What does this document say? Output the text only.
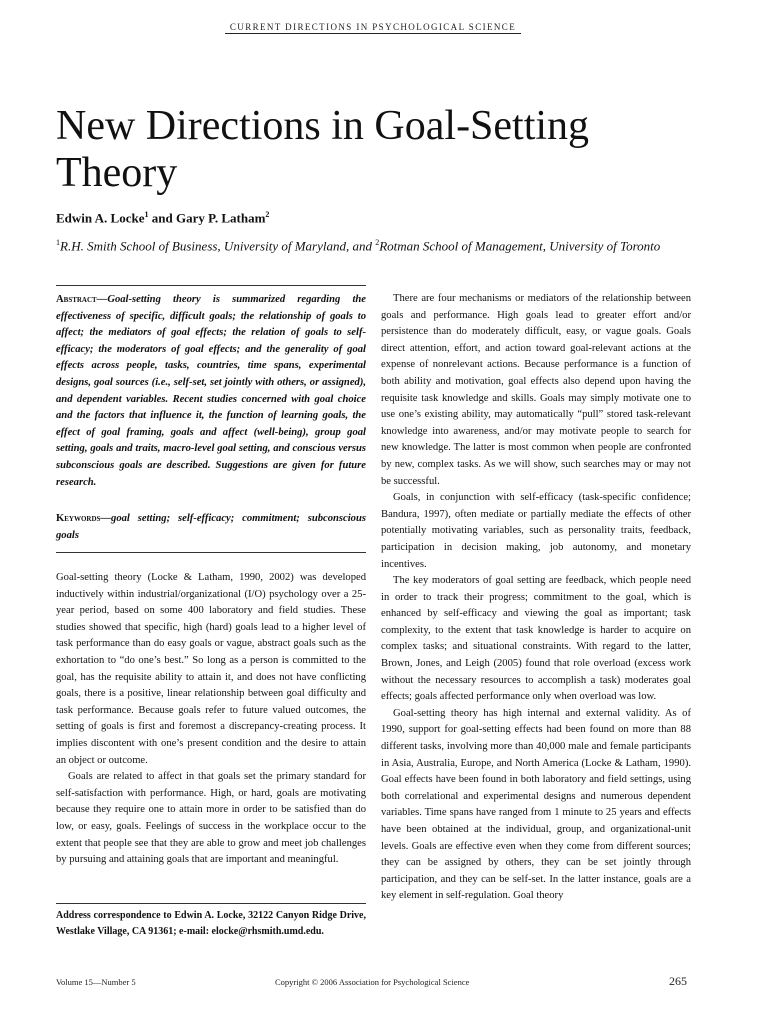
CURRENT DIRECTIONS IN PSYCHOLOGICAL SCIENCE
New Directions in Goal-Setting Theory
Edwin A. Locke$^1$ and Gary P. Latham$^2$
$^1$R.H. Smith School of Business, University of Maryland, and $^2$Rotman School of Management, University of Toronto

Abstract—Goal-setting theory is summarized regarding the effectiveness of specific, difficult goals; the relationship of goals to affect; the mediators of goal effects; the relation of goals to self-efficacy; the moderators of goal effects; and the generality of goal effects across people, tasks, countries, time spans, experimental designs, goal sources (i.e., self-set, set jointly with others, or assigned), and dependent variables. Recent studies concerned with goal choice and the factors that influence it, the function of learning goals, the effect of goal framing, goals and affect (well-being), group goal setting, goals and traits, macro-level goal setting, and conscious versus subconscious goals are described. Suggestions are given for future research.

Keywords—goal setting; self-efficacy; commitment; subconscious goals

Goal-setting theory (Locke & Latham, 1990, 2002) was developed inductively within industrial/organizational (I/O) psychology over a 25-year period, based on some 400 laboratory and field studies. These studies showed that specific, high (hard) goals lead to a higher level of task performance than do easy goals or vague, abstract goals such as the exhortation to “do one’s best.” So long as a person is committed to the goal, has the requisite ability to attain it, and does not have conflicting goals, there is a positive, linear relationship between goal difficulty and task performance. Because goals refer to future valued outcomes, the setting of goals is first and foremost a discrepancy-creating process. It implies discontent with one’s present condition and the desire to attain an object or outcome.

Goals are related to affect in that goals set the primary standard for self-satisfaction with performance. High, or hard, goals are motivating because they require one to attain more in order to be satisfied than do low, or easy, goals. Feelings of success in the workplace occur to the extent that people see that they are able to grow and meet job challenges by pursuing and attaining goals that are important and meaningful.

Address correspondence to Edwin A. Locke, 32122 Canyon Ridge Drive, Westlake Village, CA 91361; e-mail: elocke@rhsmith.umd.edu.

There are four mechanisms or mediators of the relationship between goals and performance. High goals lead to greater effort and/or persistence than do moderately difficult, easy, or vague goals. Goals direct attention, effort, and action toward goal-relevant actions at the expense of nonrelevant actions. Because performance is a function of both ability and motivation, goal effects also depend upon having the requisite task knowledge and skills. Goals may simply motivate one to use one’s existing ability, may automatically “pull” stored task-relevant knowledge into awareness, and/or may motivate people to search for new knowledge. The latter is most common when people are confronted by new, complex tasks. As we will show, such searches may or may not be successful.

Goals, in conjunction with self-efficacy (task-specific confidence; Bandura, 1997), often mediate or partially mediate the effects of other potentially motivating variables, such as personality traits, feedback, participation in decision making, job autonomy, and monetary incentives.

The key moderators of goal setting are feedback, which people need in order to track their progress; commitment to the goal, which is enhanced by self-efficacy and viewing the goal as important; task complexity, to the extent that task knowledge is harder to acquire on complex tasks; and situational constraints. With regard to the latter, Brown, Jones, and Leigh (2005) found that role overload (excess work without the necessary resources to accomplish a task) moderates goal effects; goals affected performance only when overload was low.

Goal-setting theory has high internal and external validity. As of 1990, support for goal-setting effects had been found on more than 88 different tasks, involving more than 40,000 male and female participants in Asia, Australia, Europe, and North America (Locke & Latham, 1990). Goal effects have been found in both laboratory and field settings, using both correlational and experimental designs and numerous dependent variables. Time spans have ranged from 1 minute to 25 years and effects have been obtained at the individual, group, and organizational-unit levels. Goals are effective even when they come from different sources; they can be assigned by others, they can be set jointly through participation, and they can be self-set. In the latter instance, goals are a key element in self-regulation. Goal theory

Volume 15—Number 5	Copyright © 2006 Association for Psychological Science	265
